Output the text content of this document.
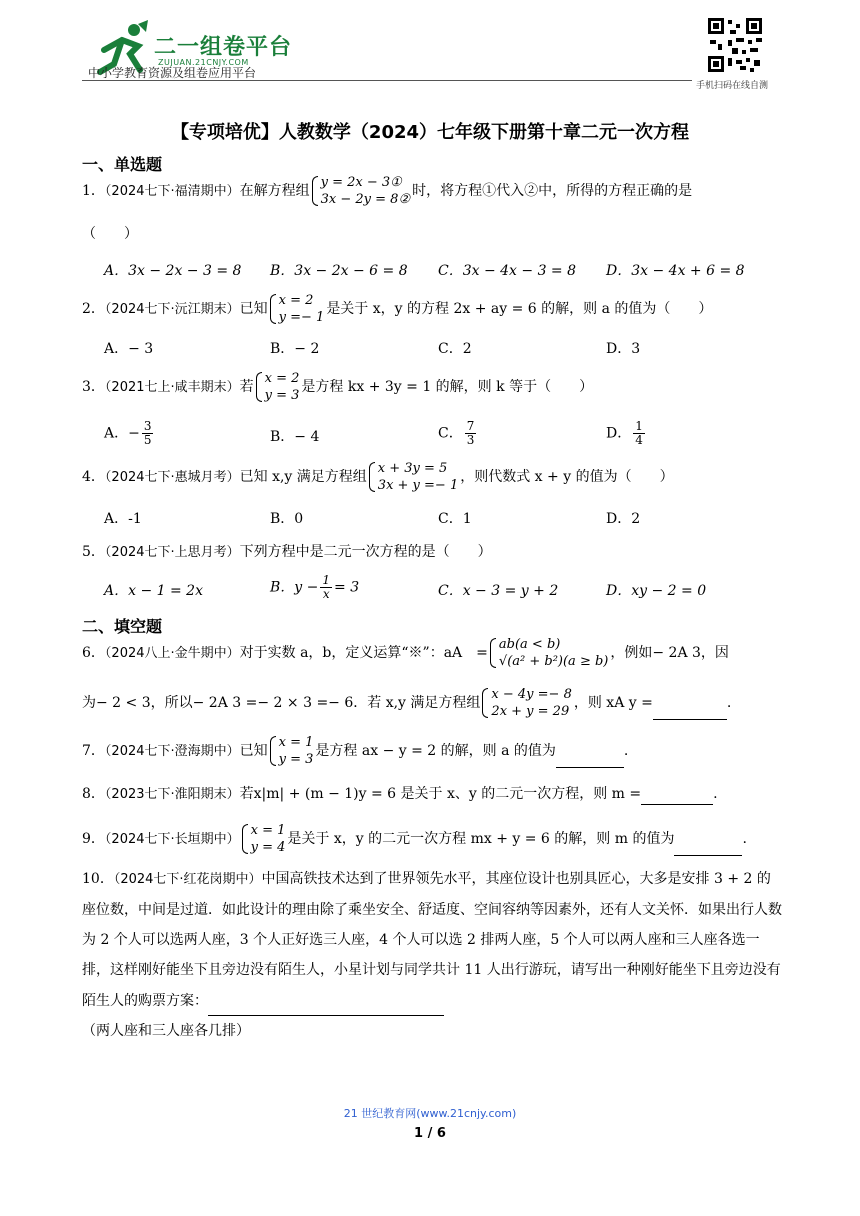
二一组卷平台
ZUJUAN.21CNJY.COM
中小学教育资源及组卷应用平台
手机扫码在线自测
【专项培优】人教数学（2024）七年级下册第十章二元一次方程
一、单选题
1．（2024七下·福清期中）在解方程组
y = 2x − 3①
3x − 2y = 8②
时，将方程①代入②中，所得的方程正确的是
（　　）
A．3x − 2x − 3 = 8 B．3x − 2x − 6 = 8 C．3x − 4x − 3 = 8 D．3x − 4x + 6 = 8
2．（2024七下·沅江期末）已知
x = 2
y =− 1
是关于 x，y 的方程 2x + ay = 6 的解，则 a 的值为（　　）
A．− 3	B．− 2	C．2	D．3
3．（2021七上·咸丰期末）若
x = 2
y = 3
是方程 kx + 3y = 1 的解，则 k 等于（　　）
A．− $\frac{3}{5}$	B．− 4	C． $\frac{7}{3}$	D． $\frac{1}{4}$
4．（2024七下·惠城月考）已知 x,y 满足方程组
x + 3y = 5
3x + y =− 1
，则代数式 x + y 的值为（　　）
A．-1	B．0	C．1	D．2
5．（2024七下·上思月考）下列方程中是二元一次方程的是（　　）
A．x − 1 = 2x	B．$y - \frac{1}{x} = 3$	C．x − 3 = y + 2	D．xy − 2 = 0
二、填空题
6．（2024八上·金牛期中）对于实数 a，b，定义运算“※”：aA　=
ab(a < b)
√(a² + b²)(a ≥ b)
，例如− 2A 3，因
为− 2 < 3，所以− 2A 3 =− 2 × 3 =− 6．若 x,y 满足方程组
x − 4y =− 8
2x + y = 29
，则 xA y =	.
7．（2024七下·澄海期中）已知
x = 1
y = 3
是方程 ax − y = 2 的解，则 a 的值为	.
8．（2023七下·淮阳期末）若x|m| + (m − 1)y = 6 是关于 x、y 的二元一次方程，则 m =	.
9．（2024七下·长垣期中）
x = 1
y = 4
是关于 x，y 的二元一次方程 mx + y = 6 的解，则 m 的值为	.
10．（2024七下·红花岗期中）中国高铁技术达到了世界领先水平，其座位设计也别具匠心，大多是安排 3 + 2 的座位数，中间是过道．如此设计的理由除了乘坐安全、舒适度、空间容纳等因素外，还有人文关怀．如果出行人数为 2 个人可以选两人座，3 个人正好选三人座，4 个人可以选 2 排两人座，5 个人可以两人座和三人座各选一排，这样刚好能坐下且旁边没有陌生人，小星计划与同学共计 11 人出行游玩，请写出一种刚好能坐下且旁边没有陌生人的购票方案：
（两人座和三人座各几排）
21 世纪教育网(www.21cnjy.com)
1 / 6
